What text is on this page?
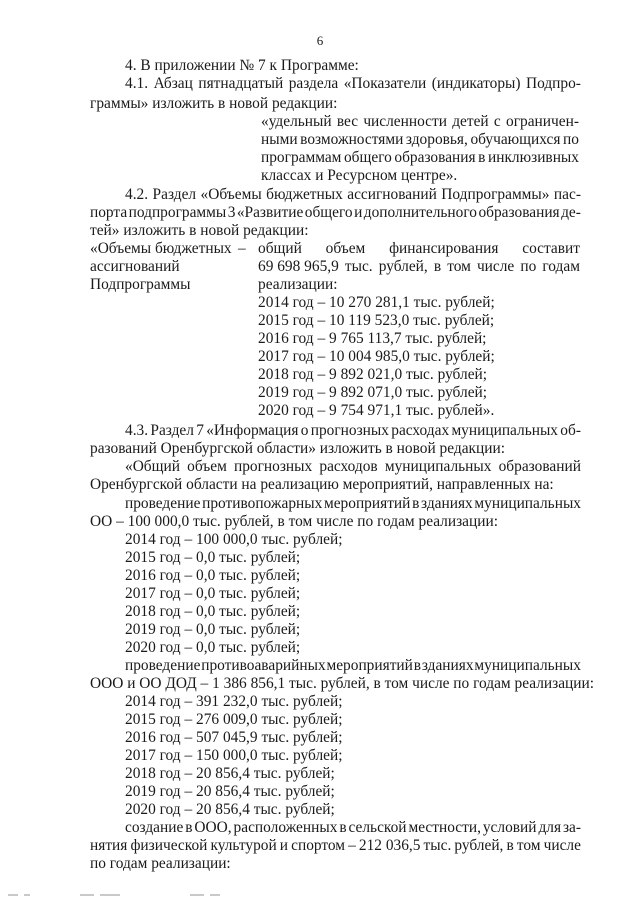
6
4. В приложении № 7 к Программе:
4.1. Абзац пятнадцатый раздела «Показатели (индикаторы) Подпро-
граммы» изложить в новой редакции:
«удельный вес численности детей с ограничен-
ными возможностями здоровья, обучающихся по
программам общего образования в инклюзивных
классах и Ресурсном центре».
4.2. Раздел «Объемы бюджетных ассигнований Подпрограммы» пас-
порта подпрограммы 3 «Развитие общего и дополнительного образования де-
тей» изложить в новой редакции:
«Объемы бюджетных –
ассигнований
Подпрограммы
общий объем финансирования составит
69 698 965,9 тыс. рублей, в том числе по годам
реализации:
2014 год – 10 270 281,1 тыс. рублей;
2015 год – 10 119 523,0 тыс. рублей;
2016 год – 9 765 113,7 тыс. рублей;
2017 год – 10 004 985,0 тыс. рублей;
2018 год – 9 892 021,0 тыс. рублей;
2019 год – 9 892 071,0 тыс. рублей;
2020 год – 9 754 971,1 тыс. рублей».
4.3. Раздел 7 «Информация о прогнозных расходах муниципальных об-
разований Оренбургской области» изложить в новой редакции:
«Общий объем прогнозных расходов муниципальных образований
Оренбургской области на реализацию мероприятий, направленных на:
проведение противопожарных мероприятий в зданиях муниципальных
ОО – 100 000,0 тыс. рублей, в том числе по годам реализации:
2014 год – 100 000,0 тыс. рублей;
2015 год – 0,0 тыс. рублей;
2016 год – 0,0 тыс. рублей;
2017 год – 0,0 тыс. рублей;
2018 год – 0,0 тыс. рублей;
2019 год – 0,0 тыс. рублей;
2020 год – 0,0 тыс. рублей;
проведение противоаварийных мероприятий в зданиях муниципальных
ООО и ОО ДОД – 1 386 856,1 тыс. рублей, в том числе по годам реализации:
2014 год – 391 232,0 тыс. рублей;
2015 год – 276 009,0 тыс. рублей;
2016 год – 507 045,9 тыс. рублей;
2017 год – 150 000,0 тыс. рублей;
2018 год – 20 856,4 тыс. рублей;
2019 год – 20 856,4 тыс. рублей;
2020 год – 20 856,4 тыс. рублей;
создание в ООО, расположенных в сельской местности, условий для за-
нятия физической культурой и спортом – 212 036,5 тыс. рублей, в том числе
по годам реализации:
